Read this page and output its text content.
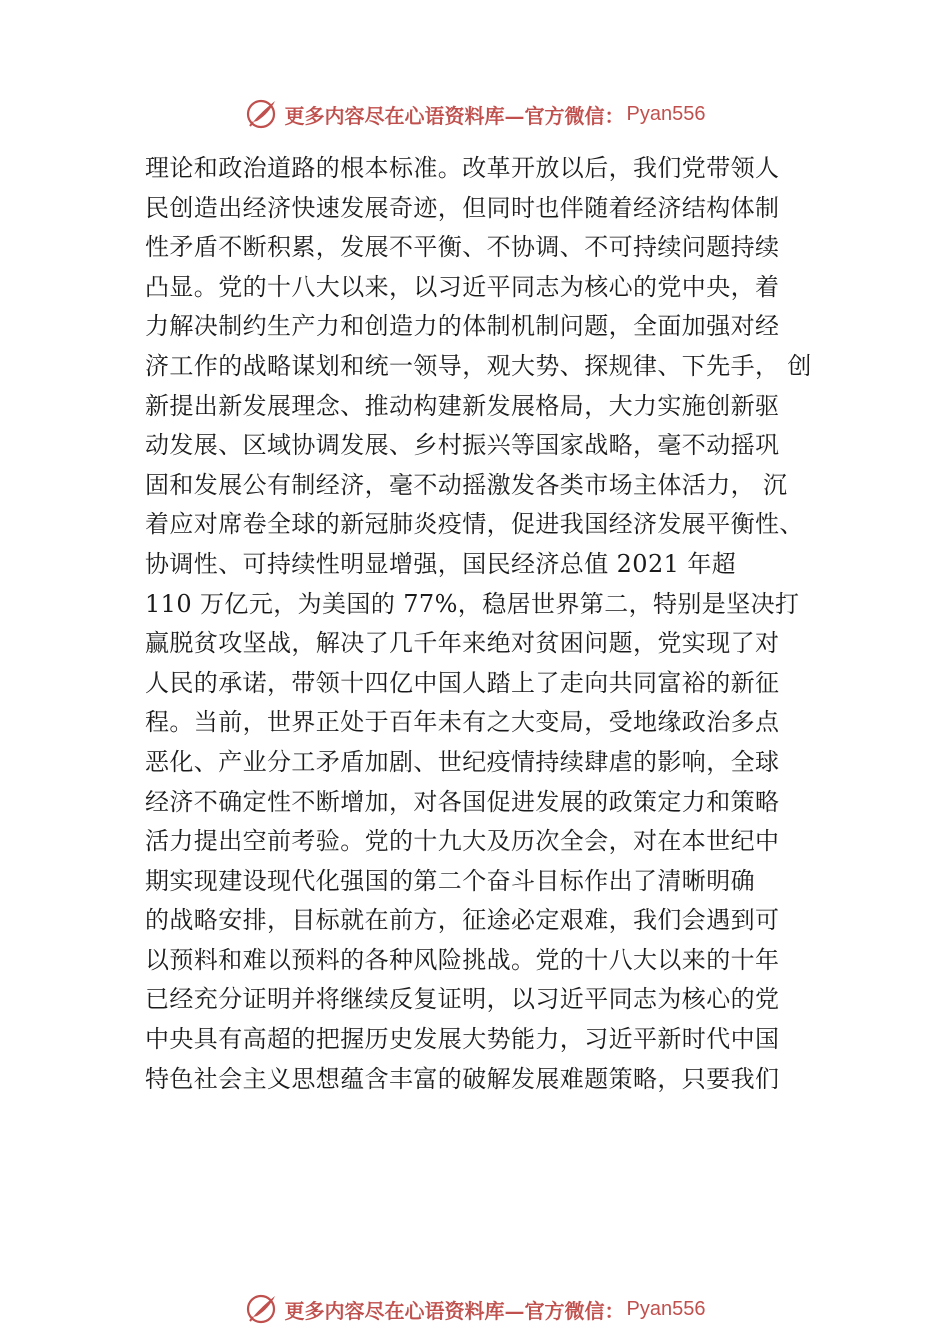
更多内容尽在心语资料库—官方微信： Pyan556
理论和政治道路的根本标准。改革开放以后，我们党带领人
民创造出经济快速发展奇迹，但同时也伴随着经济结构体制
性矛盾不断积累，发展不平衡、不协调、不可持续问题持续
凸显。党的十八大以来，以习近平同志为核心的党中央，着
力解决制约生产力和创造力的体制机制问题，全面加强对经
济工作的战略谋划和统一领导，观大势、探规律、下先手， 创
新提出新发展理念、推动构建新发展格局，大力实施创新驱
动发展、区域协调发展、乡村振兴等国家战略，毫不动摇巩
固和发展公有制经济，毫不动摇激发各类市场主体活力， 沉
着应对席卷全球的新冠肺炎疫情，促进我国经济发展平衡性、
协调性、可持续性明显增强，国民经济总值 2021 年超
110 万亿元，为美国的 77%，稳居世界第二，特别是坚决打
赢脱贫攻坚战，解决了几千年来绝对贫困问题，党实现了对
人民的承诺，带领十四亿中国人踏上了走向共同富裕的新征
程。当前，世界正处于百年未有之大变局，受地缘政治多点
恶化、产业分工矛盾加剧、世纪疫情持续肆虐的影响，全球
经济不确定性不断增加，对各国促进发展的政策定力和策略
活力提出空前考验。党的十九大及历次全会，对在本世纪中
期实现建设现代化强国的第二个奋斗目标作出了清晰明确
的战略安排，目标就在前方，征途必定艰难，我们会遇到可
以预料和难以预料的各种风险挑战。党的十八大以来的十年
已经充分证明并将继续反复证明，以习近平同志为核心的党
中央具有高超的把握历史发展大势能力，习近平新时代中国
特色社会主义思想蕴含丰富的破解发展难题策略，只要我们
更多内容尽在心语资料库—官方微信： Pyan556
